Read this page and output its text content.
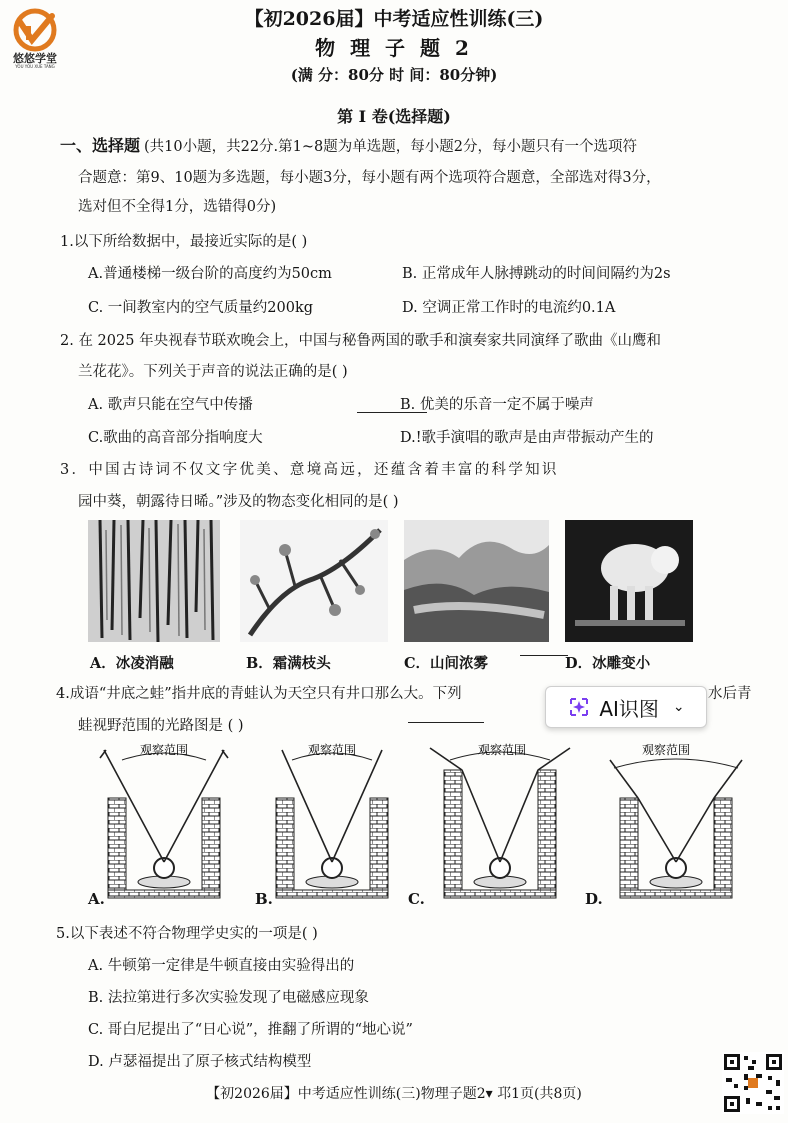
悠悠学堂
YOU YOU XUE TANG
【初2026届】中考适应性训练(三)
物 理 子 题 2
(满 分：80分 时 间：80分钟)
第 I 卷(选择题)
一、选择题 (共10小题，共22分.第1~8题为单选题，每小题2分，每小题只有一个选项符
合题意：第9、10题为多选题，每小题3分，每小题有两个选项符合题意，全部选对得3分，
选对但不全得1分，选错得0分)
1.以下所给数据中，最接近实际的是( )
A.普通楼梯一级台阶的高度约为50cm	B. 正常成年人脉搏跳动的时间间隔约为2s
C. 一间教室内的空气质量约200kg	D. 空调正常工作时的电流约0.1A
2. 在 2025 年央视春节联欢晚会上，中国与秘鲁两国的歌手和演奏家共同演绎了歌曲《山鹰和
兰花花》。下列关于声音的说法正确的是( )
A. 歌声只能在空气中传播	B. 优美的乐音一定不属于噪声
C.歌曲的高音部分指响度大	D.!歌手演唱的歌声是由声带振动产生的
3．中国古诗词不仅文字优美、意境高远，还蕴含着丰富的科学知识
园中葵，朝露待日晞。”涉及的物态变化相同的是( )
A．冰凌消融	B．霜满枝头	C．山间浓雾	D．冰雕变小
4.成语“井底之蛙”指井底的青蛙认为天空只有井口那么大。下列	水后青
蛙视野范围的光路图是 ( )
AI识图 ⌄
观察范围
A.
观察范围
B.
观察范围
C.
观察范围
D.
5.以下表述不符合物理学史实的一项是( )
A. 牛顿第一定律是牛顿直接由实验得出的
B. 法拉第进行多次实验发现了电磁感应现象
C. 哥白尼提出了“日心说”，推翻了所谓的“地心说”
D. 卢瑟福提出了原子核式结构模型
【初2026届】中考适应性训练(三)物理子题2▾ 邛1页(共8页)
